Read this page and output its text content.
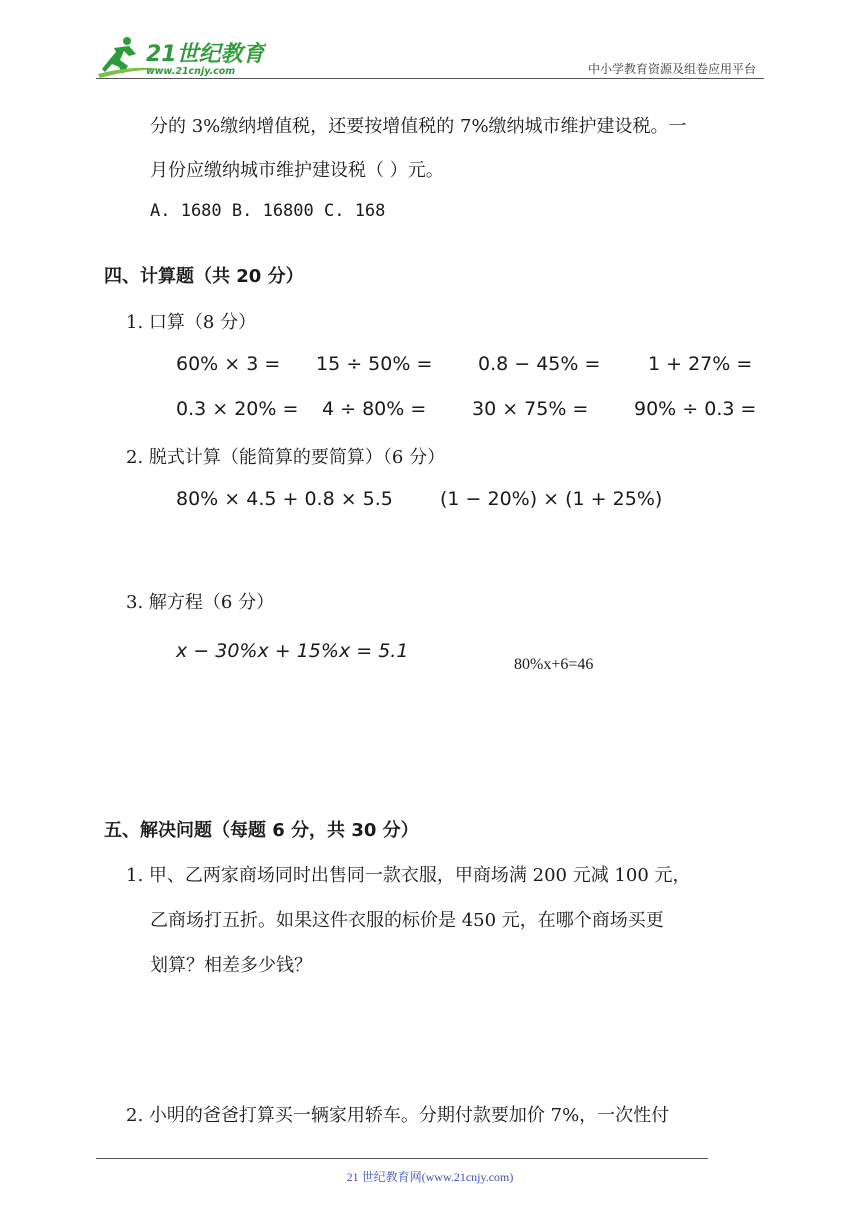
21世纪教育
www.21cnjy.com	中小学教育资源及组卷应用平台
分的 3%缴纳增值税，还要按增值税的 7%缴纳城市维护建设税。一
月份应缴纳城市维护建设税（ ）元。
A. 1680 B. 16800 C. 168
四、计算题（共 20 分）
1. 口算（8 分）
60% × 3 = 15 ÷ 50% = 0.8 − 45% =	1 + 27% =
0.3 × 20% = 4 ÷ 80% = 30 × 75% = 90% ÷ 0.3 =
2. 脱式计算（能简算的要简算）（6 分）
80% × 4.5 + 0.8 × 5.5 (1 − 20%) × (1 + 25%)
3. 解方程（6 分）
x − 30%x + 15%x = 5.1
80%x+6=46
五、解决问题（每题 6 分，共 30 分）
1. 甲、乙两家商场同时出售同一款衣服，甲商场满 200 元减 100 元，
乙商场打五折。如果这件衣服的标价是 450 元，在哪个商场买更
划算？相差多少钱？
2. 小明的爸爸打算买一辆家用轿车。分期付款要加价 7%，一次性付
21 世纪教育网(www.21cnjy.com)
